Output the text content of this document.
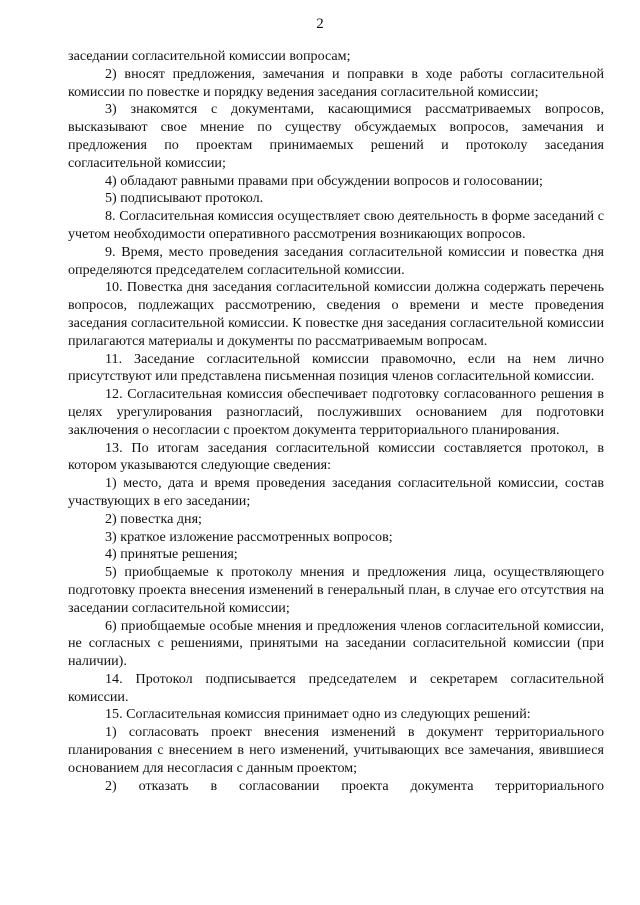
2

заседании согласительной комиссии вопросам;

2) вносят предложения, замечания и поправки в ходе работы согласительной комиссии по повестке и порядку ведения заседания согласительной комиссии;

3) знакомятся с документами, касающимися рассматриваемых вопросов, высказывают свое мнение по существу обсуждаемых вопросов, замечания и предложения по проектам принимаемых решений и протоколу заседания согласительной комиссии;

4) обладают равными правами при обсуждении вопросов и голосовании;

5) подписывают протокол.

8. Согласительная комиссия осуществляет свою деятельность в форме заседаний с учетом необходимости оперативного рассмотрения возникающих вопросов.

9. Время, место проведения заседания согласительной комиссии и повестка дня определяются председателем согласительной комиссии.

10. Повестка дня заседания согласительной комиссии должна содержать перечень вопросов, подлежащих рассмотрению, сведения о времени и месте проведения заседания согласительной комиссии. К повестке дня заседания согласительной комиссии прилагаются материалы и документы по рассматриваемым вопросам.

11. Заседание согласительной комиссии правомочно, если на нем лично присутствуют или представлена письменная позиция членов согласительной комиссии.

12. Согласительная комиссия обеспечивает подготовку согласованного решения в целях урегулирования разногласий, послуживших основанием для подготовки заключения о несогласии с проектом документа территориального планирования.

13. По итогам заседания согласительной комиссии составляется протокол, в котором указываются следующие сведения:

1) место, дата и время проведения заседания согласительной комиссии, состав участвующих в его заседании;

2) повестка дня;

3) краткое изложение рассмотренных вопросов;

4) принятые решения;

5) приобщаемые к протоколу мнения и предложения лица, осуществляющего подготовку проекта внесения изменений в генеральный план, в случае его отсутствия на заседании согласительной комиссии;

6) приобщаемые особые мнения и предложения членов согласительной комиссии, не согласных с решениями, принятыми на заседании согласительной комиссии (при наличии).

14. Протокол подписывается председателем и секретарем согласительной комиссии.

15. Согласительная комиссия принимает одно из следующих решений:

1) согласовать проект внесения изменений в документ территориального планирования с внесением в него изменений, учитывающих все замечания, явившиеся основанием для несогласия с данным проектом;

2) отказать в согласовании проекта документа территориального
